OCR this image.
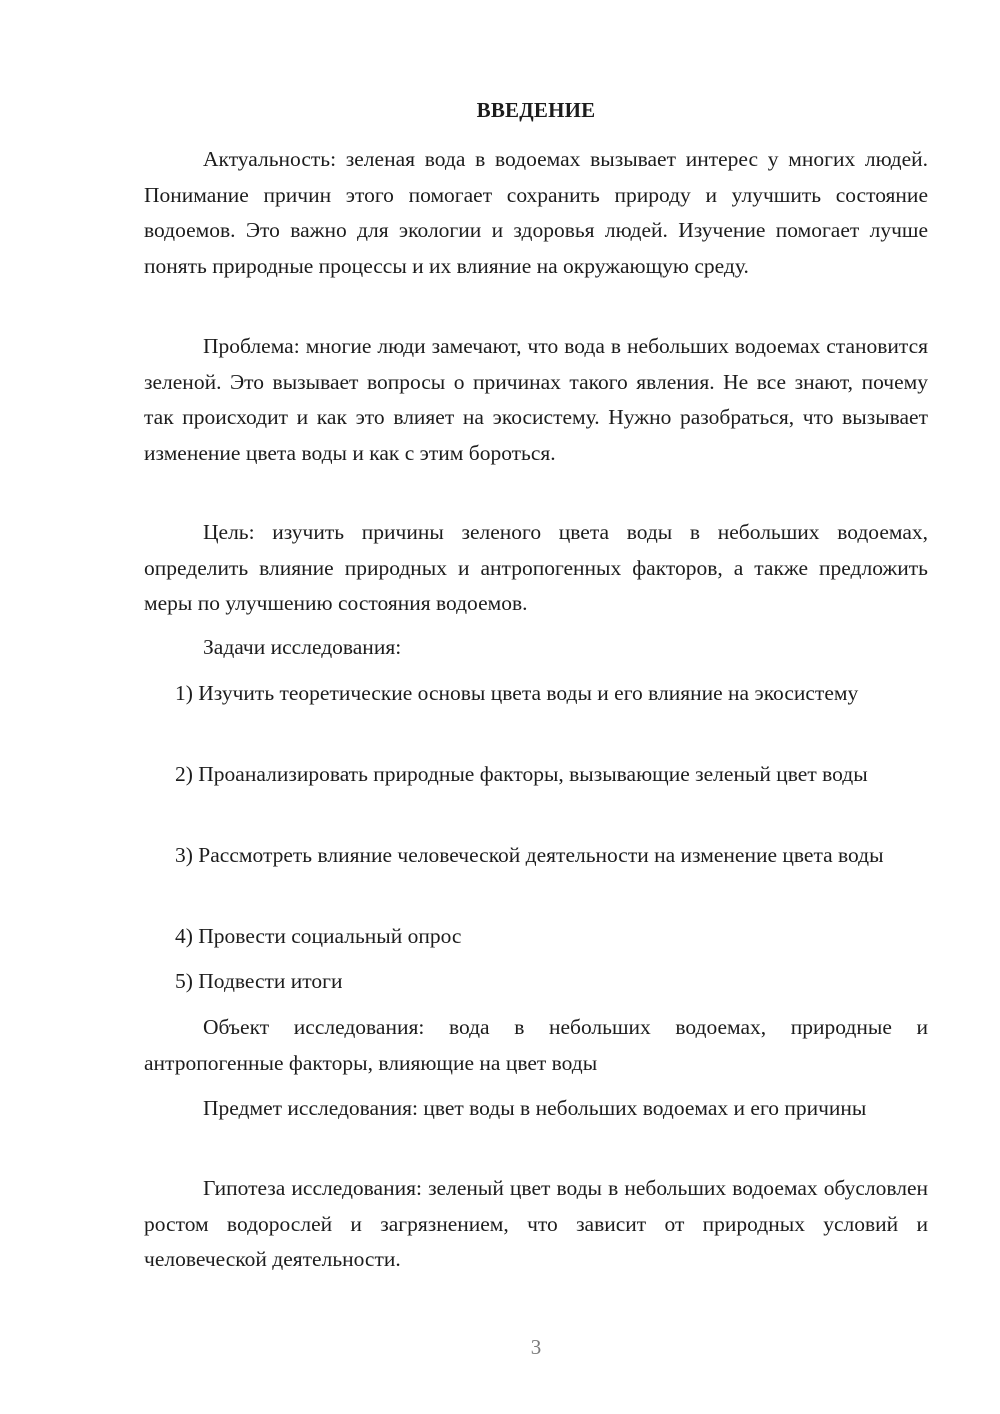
ВВЕДЕНИЕ

Актуальность: зеленая вода в водоемах вызывает интерес у многих людей. Понимание причин этого помогает сохранить природу и улучшить состояние водоемов. Это важно для экологии и здоровья людей. Изучение помогает лучше понять природные процессы и их влияние на окружающую среду.

Проблема: многие люди замечают, что вода в небольших водоемах становится зеленой. Это вызывает вопросы о причинах такого явления. Не все знают, почему так происходит и как это влияет на экосистему. Нужно разобраться, что вызывает изменение цвета воды и как с этим бороться.

Цель: изучить причины зеленого цвета воды в небольших водоемах, определить влияние природных и антропогенных факторов, а также предложить меры по улучшению состояния водоемов.

Задачи исследования:

1) Изучить теоретические основы цвета воды и его влияние на экосистему

2) Проанализировать природные факторы, вызывающие зеленый цвет воды

3) Рассмотреть влияние человеческой деятельности на изменение цвета воды

4) Провести социальный опрос

5) Подвести итоги

Объект исследования: вода в небольших водоемах, природные и антропогенные факторы, влияющие на цвет воды

Предмет исследования: цвет воды в небольших водоемах и его причины

Гипотеза исследования: зеленый цвет воды в небольших водоемах обусловлен ростом водорослей и загрязнением, что зависит от природных условий и человеческой деятельности.

3
